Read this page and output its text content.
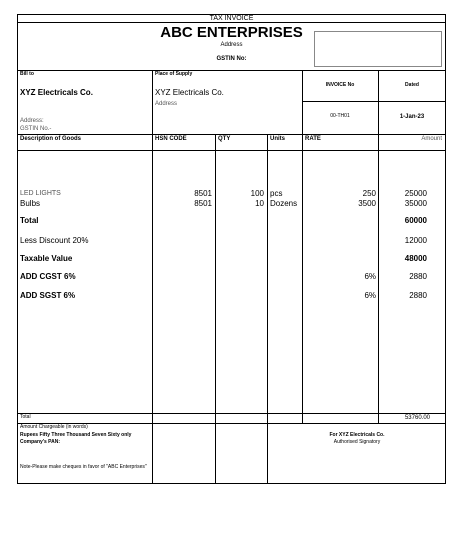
TAX INVOICE
ABC ENTERPRISES
Address
GSTIN No:
Bill to
XYZ Electricals Co.
Address:
GSTIN No.-
Place of Supply
XYZ Electricals Co.
Address
INVOICE No
00-TH01
Dated
1-Jan-23
Description of Goods	HSN CODE	QTY	Units	RATE	Amount
LED LIGHTS	8501	100 pcs	250	25000
Bulbs	8501	10 Dozens	3500	35000
Total	60000
Less Discount 20%	12000
Taxable Value	48000
ADD CGST 6%	6%	2880
ADD SGST 6%	6%	2880
Total	53760.00
Amount Chargeable (in words)
Rupees Fifty Three Thousand Seven Sixty only
Company's PAN:
Note-Please make cheques in favor of "ABC Enterprises"
For XYZ Electricals Co.
Authorised Signatory
